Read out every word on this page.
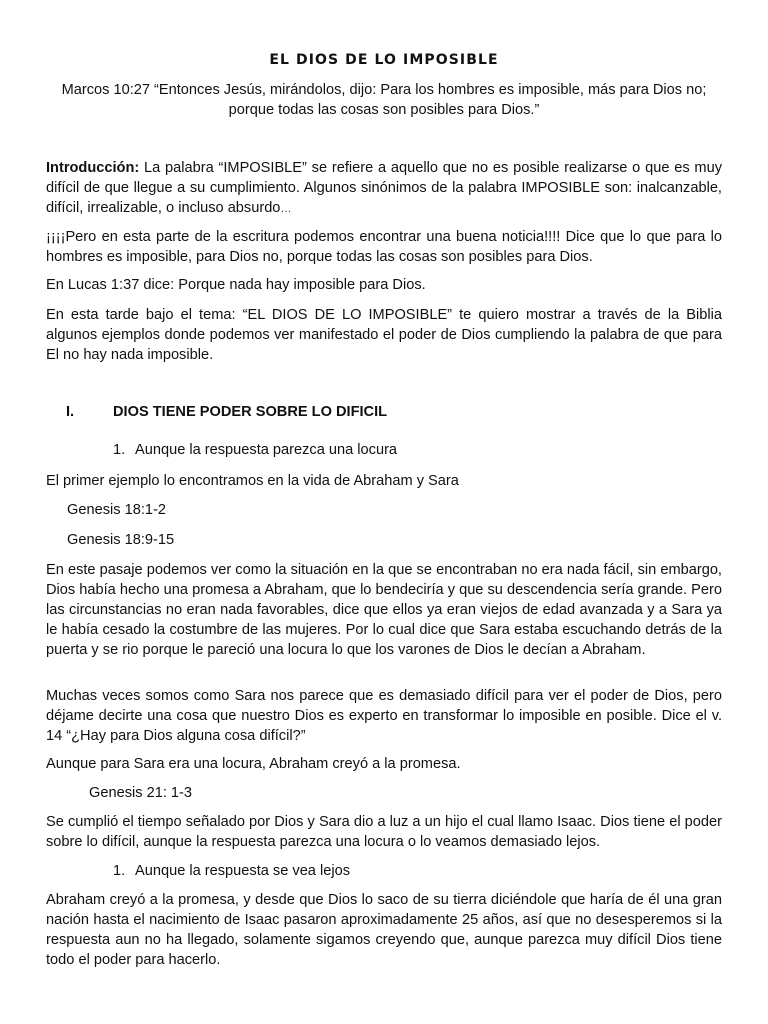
EL DIOS DE LO IMPOSIBLE
Marcos 10:27 “Entonces Jesús, mirándolos, dijo: Para los hombres es imposible, más para Dios no;
porque todas las cosas son posibles para Dios.”
Introducción: La palabra “IMPOSIBLE” se refiere a aquello que no es posible realizarse o que es muy difícil de que llegue a su cumplimiento. Algunos sinónimos de la palabra IMPOSIBLE son: inalcanzable, difícil, irrealizable, o incluso absurdo…
¡¡¡¡Pero en esta parte de la escritura podemos encontrar una buena noticia!!!! Dice que lo que para lo hombres es imposible, para Dios no, porque todas las cosas son posibles para Dios.
En Lucas 1:37 dice: Porque nada hay imposible para Dios.
En esta tarde bajo el tema: “EL DIOS DE LO IMPOSIBLE” te quiero mostrar a través de la Biblia algunos ejemplos donde podemos ver manifestado el poder de Dios cumpliendo la palabra de que para El no hay nada imposible.
I.	DIOS TIENE PODER SOBRE LO DIFICIL
1. Aunque la respuesta parezca una locura
El primer ejemplo lo encontramos en la vida de Abraham y Sara
Genesis 18:1-2
Genesis 18:9-15
En este pasaje podemos ver como la situación en la que se encontraban no era nada fácil, sin embargo, Dios había hecho una promesa a Abraham, que lo bendeciría y que su descendencia sería grande. Pero las circunstancias no eran nada favorables, dice que ellos ya eran viejos de edad avanzada y a Sara ya le había cesado la costumbre de las mujeres. Por lo cual dice que Sara estaba escuchando detrás de la puerta y se rio porque le pareció una locura lo que los varones de Dios le decían a Abraham.
Muchas veces somos como Sara nos parece que es demasiado difícil para ver el poder de Dios, pero déjame decirte una cosa que nuestro Dios es experto en transformar lo imposible en posible. Dice el v. 14 “¿Hay para Dios alguna cosa difícil?”
Aunque para Sara era una locura, Abraham creyó a la promesa.
Genesis 21: 1-3
Se cumplió el tiempo señalado por Dios y Sara dio a luz a un hijo el cual llamo Isaac. Dios tiene el poder sobre lo difícil, aunque la respuesta parezca una locura o lo veamos demasiado lejos.
1. Aunque la respuesta se vea lejos
Abraham creyó a la promesa, y desde que Dios lo saco de su tierra diciéndole que haría de él una gran nación hasta el nacimiento de Isaac pasaron aproximadamente 25 años, así que no desesperemos si la respuesta aun no ha llegado, solamente sigamos creyendo que, aunque parezca muy difícil Dios tiene todo el poder para hacerlo.
